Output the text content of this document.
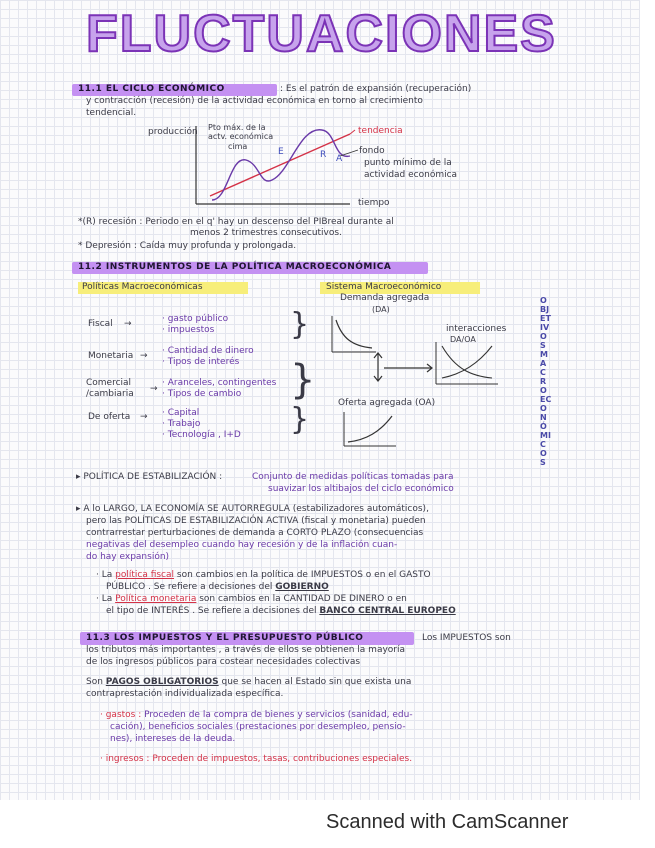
FLUCTUACIONES
11.1 EL CICLO ECONÓMICO	: Es el patrón de expansión (recuperación)
y contracción (recesión) de la actividad económica en torno al crecimiento
tendencial.
producción Pto máx. de la
actv. económica
cima
E	R A
tendencia
fondo
punto mínimo de la
actividad económica
tiempo
*(R) recesión : Periodo en el q' hay un descenso del PIBreal durante al
menos 2 trimestres consecutivos.
* Depresión : Caída muy profunda y prolongada.
11.2 INSTRUMENTOS DE LA POLÍTICA MACROECONÓMICA
Políticas Macroeconómicas	Sistema Macroeconómico
Fiscal →	· gasto público
· impuestos
Monetaria → · Cantidad de dinero
· Tipos de interés
Comercial /cambiaria	→
· Aranceles, contingentes
· Tipos de cambio
De oferta → · Capital
· Trabajo
· Tecnología , I+D
}
}
}
Demanda agregada
(DA)
interacciones
DA/OA
Oferta agregada (OA)
OBJETIVOS MACROECONÓMICOS
▸ POLÍTICA DE ESTABILIZACIÓN :	Conjunto de medidas políticas tomadas para
suavizar los altibajos del ciclo económico
▸ A lo LARGO, LA ECONOMÍA SE AUTORREGULA (estabilizadores automáticos),
pero las POLÍTICAS DE ESTABILIZACIÓN ACTIVA (fiscal y monetaria) pueden
contrarrestar perturbaciones de demanda a CORTO PLAZO (consecuencias
negativas del desempleo cuando hay recesión y de la inflación cuan-
do hay expansión)
· La política fiscal son cambios en la política de IMPUESTOS o en el GASTO
PÚBLICO . Se refiere a decisiones del GOBIERNO
· La Política monetaria son cambios en la CANTIDAD DE DINERO o en
el tipo de INTERÉS . Se refiere a decisiones del BANCO CENTRAL EUROPEO
11.3 LOS IMPUESTOS Y EL PRESUPUESTO PÚBLICO	Los IMPUESTOS son
los tributos más importantes , a través de ellos se obtienen la mayoría
de los ingresos públicos para costear necesidades colectivas
Son PAGOS OBLIGATORIOS que se hacen al Estado sin que exista una
contraprestación individualizada específica.
· gastos : Proceden de la compra de bienes y servicios (sanidad, edu-
cación), beneficios sociales (prestaciones por desempleo, pensio-
nes), intereses de la deuda.
· ingresos : Proceden de impuestos, tasas, contribuciones especiales.
Scanned with CamScanner
